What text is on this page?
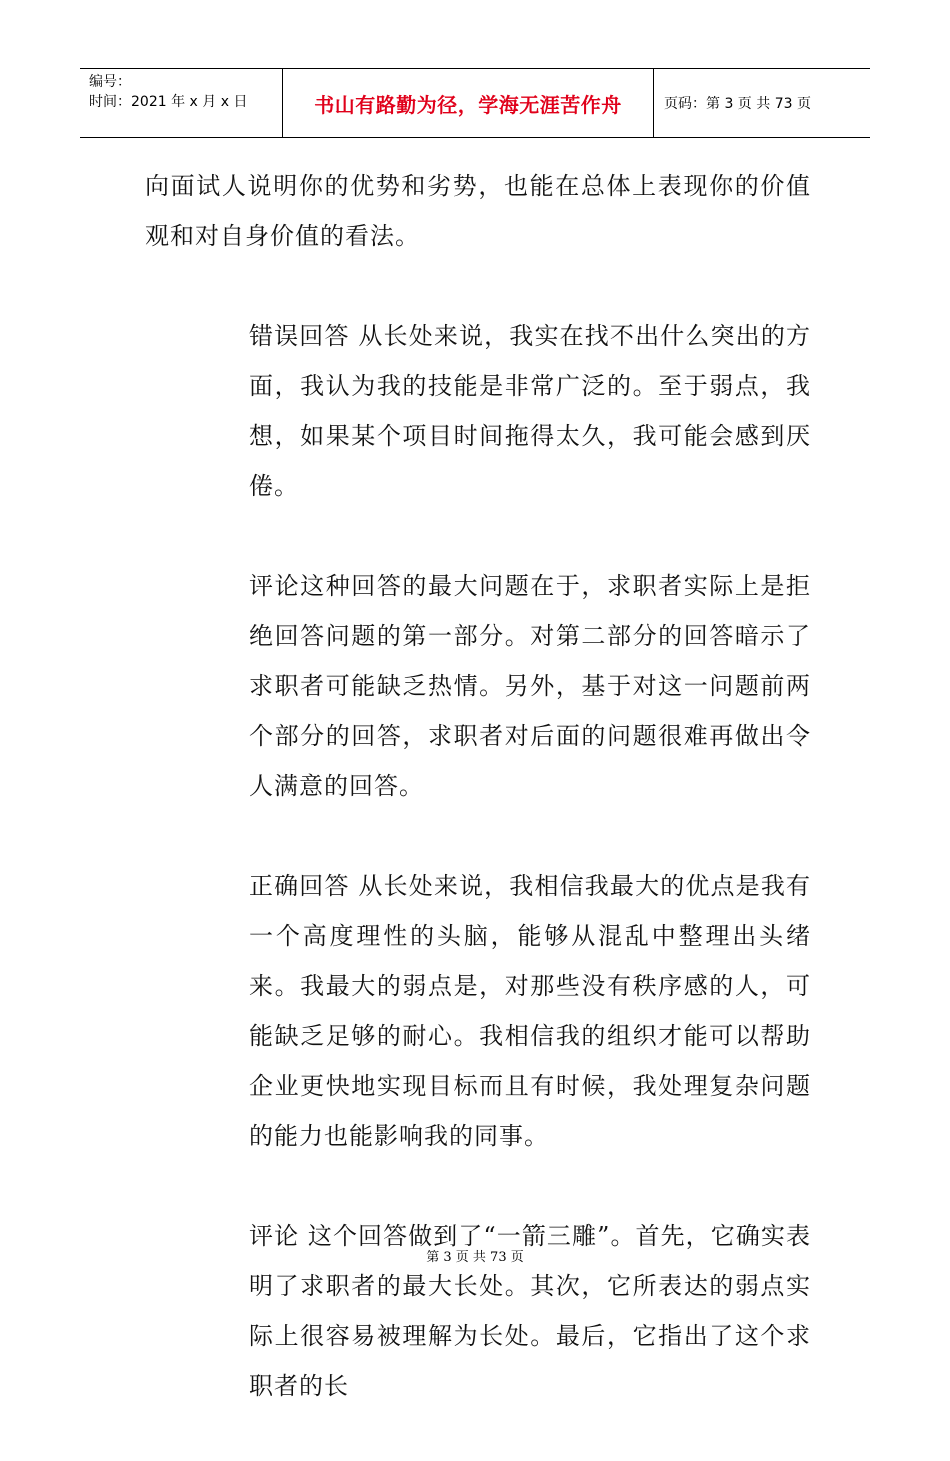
编号：
时间：2021 年 x 月 x 日	书山有路勤为径，学海无涯苦作舟	页码：第 3 页 共 73 页

向面试人说明你的优势和劣势，也能在总体上表现你的价值观和对自身价值的看法。

错误回答 从长处来说，我实在找不出什么突出的方面，我认为我的技能是非常广泛的。至于弱点，我想，如果某个项目时间拖得太久，我可能会感到厌倦。

评论这种回答的最大问题在于，求职者实际上是拒绝回答问题的第一部分。对第二部分的回答暗示了求职者可能缺乏热情。另外，基于对这一问题前两个部分的回答，求职者对后面的问题很难再做出令人满意的回答。

正确回答 从长处来说，我相信我最大的优点是我有一个高度理性的头脑，能够从混乱中整理出头绪来。我最大的弱点是，对那些没有秩序感的人，可能缺乏足够的耐心。我相信我的组织才能可以帮助企业更快地实现目标而且有时候，我处理复杂问题的能力也能影响我的同事。

评论 这个回答做到了“一箭三雕”。首先，它确实表明了求职者的最大长处。其次，它所表达的弱点实际上很容易被理解为长处。最后，它指出了这个求职者的长

第 3 页 共 73 页
